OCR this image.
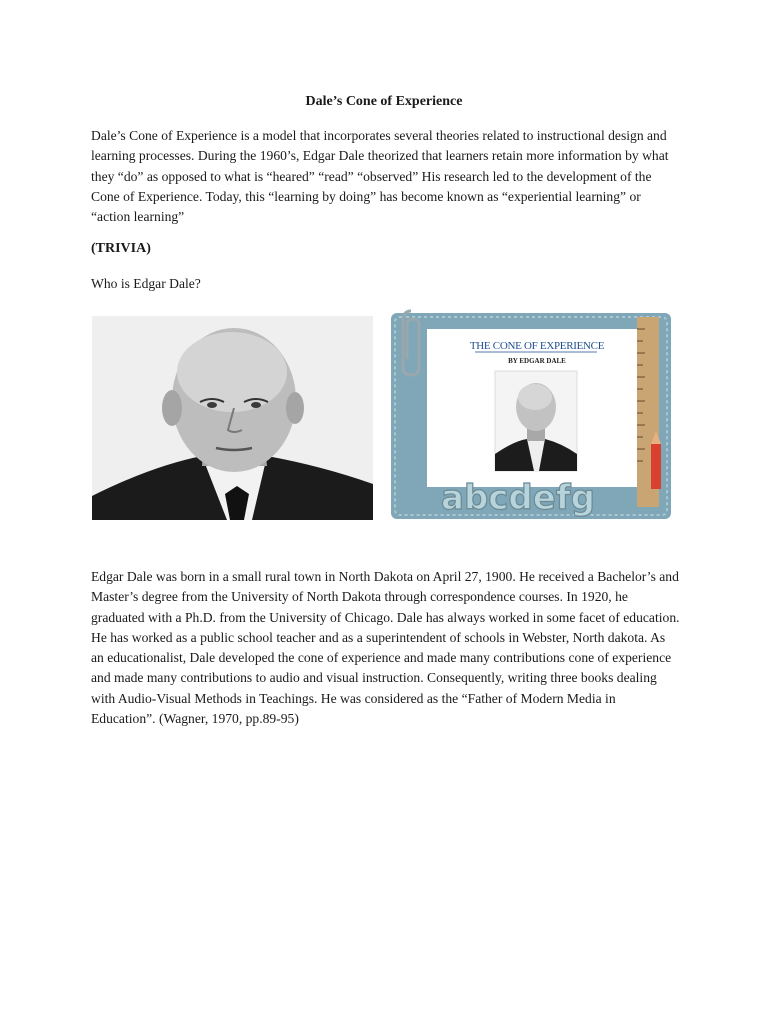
Dale’s Cone of Experience

Dale’s Cone of Experience is a model that incorporates several theories related to instructional design and learning processes. During the 1960’s, Edgar Dale theorized that learners retain more information by what they “do” as opposed to what is “heared” “read” “observed” His research led to the development of the Cone of Experience. Today, this “learning by doing” has become known as “experiential learning” or “action learning”

(TRIVIA)
Who is Edgar Dale?
THE CONE OF EXPERIENCE
BY EDGAR DALE
abcdefg

Edgar Dale was born in a small rural town in North Dakota on April 27, 1900. He received a Bachelor’s and Master’s degree from the University of North Dakota through correspondence courses. In 1920, he graduated with a Ph.D. from the University of Chicago. Dale has always worked in some facet of education. He has worked as a public school teacher and as a superintendent of schools in Webster, North dakota. As an educationalist, Dale developed the cone of experience and made many contributions cone of experience and made many contributions to audio and visual instruction. Consequently, writing three books dealing with Audio-Visual Methods in Teachings. He was considered as the “Father of Modern Media in Education”. (Wagner, 1970, pp.89-95)
